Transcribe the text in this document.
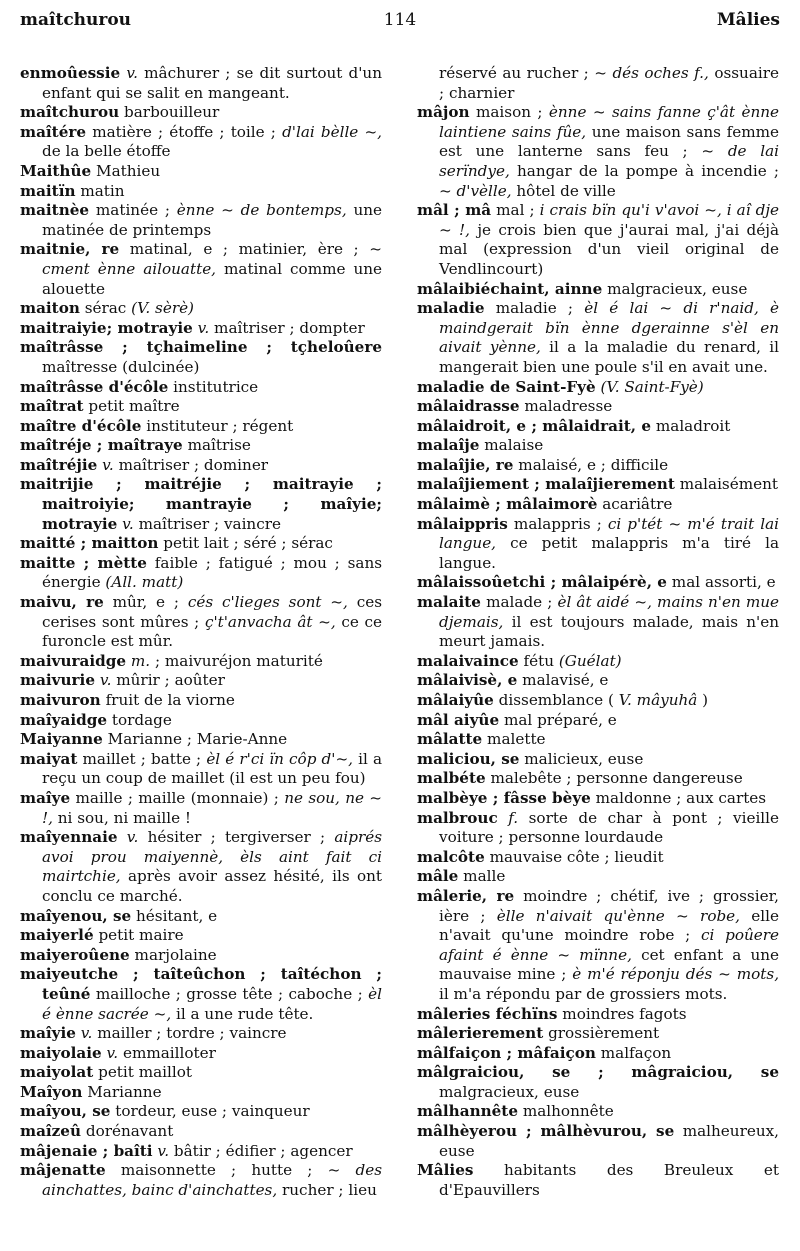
maîtchurou	114	Mâlies

enmoûessie v. mâchurer ; se dit surtout d'un enfant qui se salit en mangeant.

maîtchurou barbouilleur

maîtére matière ; étoffe ; toile ; d'lai bèlle ~, de la belle étoffe

Maithûe Mathieu

maitïn matin

maitnèe matinée ; ènne ~ de bontemps, une matinée de printemps

maitnie, re matinal, e ; matinier, ère ; ~ cment ènne ailouatte, matinal comme une alouette

maiton sérac (V. sèrè)

maitraiyie; motrayie v. maîtriser ; dompter

maîtrâsse ; tçhaimeline ; tçheloûere maîtresse (dulcinée)

maîtrâsse d'écôle institutrice

maîtrat petit maître

maître d'écôle instituteur ; régent

maîtréje ; maîtraye maîtrise

maîtréjie v. maîtriser ; dominer

maitrijie ; maitréjie ; maitrayie ; maitroiyie; mantrayie ; maîyie; motrayie v. maîtriser ; vaincre

maitté ; maitton petit lait ; séré ; sérac

maitte ; mètte faible ; fatigué ; mou ; sans énergie (All. matt)

maivu, re mûr, e ; cés c'lieges sont ~, ces cerises sont mûres ; ç't'anvacha ât ~, ce ce furoncle est mûr.

maivuraidge m. ; maivuréjon maturité

maivurie v. mûrir ; aoûter

maivuron fruit de la viorne

maîyaidge tordage

Maiyanne Marianne ; Marie-Anne

maiyat maillet ; batte ; èl é r'ci ïn côp d'~, il a reçu un coup de maillet (il est un peu fou)

maîye maille ; maille (monnaie) ; ne sou, ne ~ !, ni sou, ni maille !

maîyennaie v. hésiter ; tergiverser ; aiprés avoi prou maiyennè, èls aint fait ci mairtchie, après avoir assez hésité, ils ont conclu ce marché.

maîyenou, se hésitant, e

maiyerlé petit maire

maiyeroûene marjolaine

maiyeutche ; taîteûchon ; taîtéchon ; teûné mailloche ; grosse tête ; caboche ; èl é ènne sacrée ~, il a une rude tête.

maîyie v. mailler ; tordre ; vaincre

maiyolaie v. emmailloter

maiyolat petit maillot

Maîyon Marianne

maîyou, se tordeur, euse ; vainqueur

maîzeû dorénavant

mâjenaie ; baîti v. bâtir ; édifier ; agencer

mâjenatte maisonnette ; hutte ; ~ des ainchattes, bainc d'ainchattes, rucher ; lieu

réservé au rucher ; ~ dés oches f., ossuaire ; charnier

mâjon maison ; ènne ~ sains fanne ç'ât ènne laintiene sains fûe, une maison sans femme est une lanterne sans feu ; ~ de lai serïndye, hangar de la pompe à incendie ; ~ d'vèlle, hôtel de ville

mâl ; mâ mal ; i crais bïn qu'i v'avoi ~, i aî dje ~ !, je crois bien que j'aurai mal, j'ai déjà mal (expression d'un vieil original de Vendlincourt)

mâlaibiéchaint, ainne malgracieux, euse

maladie maladie ; èl é lai ~ di r'naid, è maindgerait bïn ènne dgerainne s'èl en aivait yènne, il a la maladie du renard, il mangerait bien une poule s'il en avait une.

maladie de Saint-Fyè (V. Saint-Fyè)

mâlaidrasse maladresse

mâlaidroit, e ; mâlaidrait, e maladroit

malaîje malaise

malaîjie, re malaisé, e ; difficile

malaîjiement ; malaîjierement malaisément

mâlaimè ; mâlaimorè acariâtre

mâlaippris malappris ; ci p'tét ~ m'é trait lai langue, ce petit malappris m'a tiré la langue.

mâlaissoûetchi ; mâlaipérè, e mal assorti, e

malaite malade ; èl ât aidé ~, mains n'en mue djemais, il est toujours malade, mais n'en meurt jamais.

malaivaince fétu (Guélat)

mâlaivisè, e malavisé, e

mâlaiyûe dissemblance ( V. mâyuhâ )

mâl aiyûe mal préparé, e

mâlatte malette

maliciou, se malicieux, euse

malbéte malebête ; personne dangereuse

malbèye ; fâsse bèye maldonne ; aux cartes

malbrouc f. sorte de char à pont ; vieille voiture ; personne lourdaude

malcôte mauvaise côte ; lieudit

mâle malle

mâlerie, re moindre ; chétif, ive ; grossier, ière ; èlle n'aivait qu'ènne ~ robe, elle n'avait qu'une moindre robe ; ci poûere afaint é ènne ~ mïnne, cet enfant a une mauvaise mine ; è m'é réponju dés ~ mots, il m'a répondu par de grossiers mots.

mâleries féchïns moindres fagots

mâlerierement grossièrement

mâlfaiçon ; mâfaiçon malfaçon

mâlgraiciou, se ; mâgraiciou, se malgracieux, euse

mâlhannête malhonnête

mâlhèyerou ; mâlhèvurou, se malheureux, euse

Mâlies habitants des Breuleux et d'Epauvillers
